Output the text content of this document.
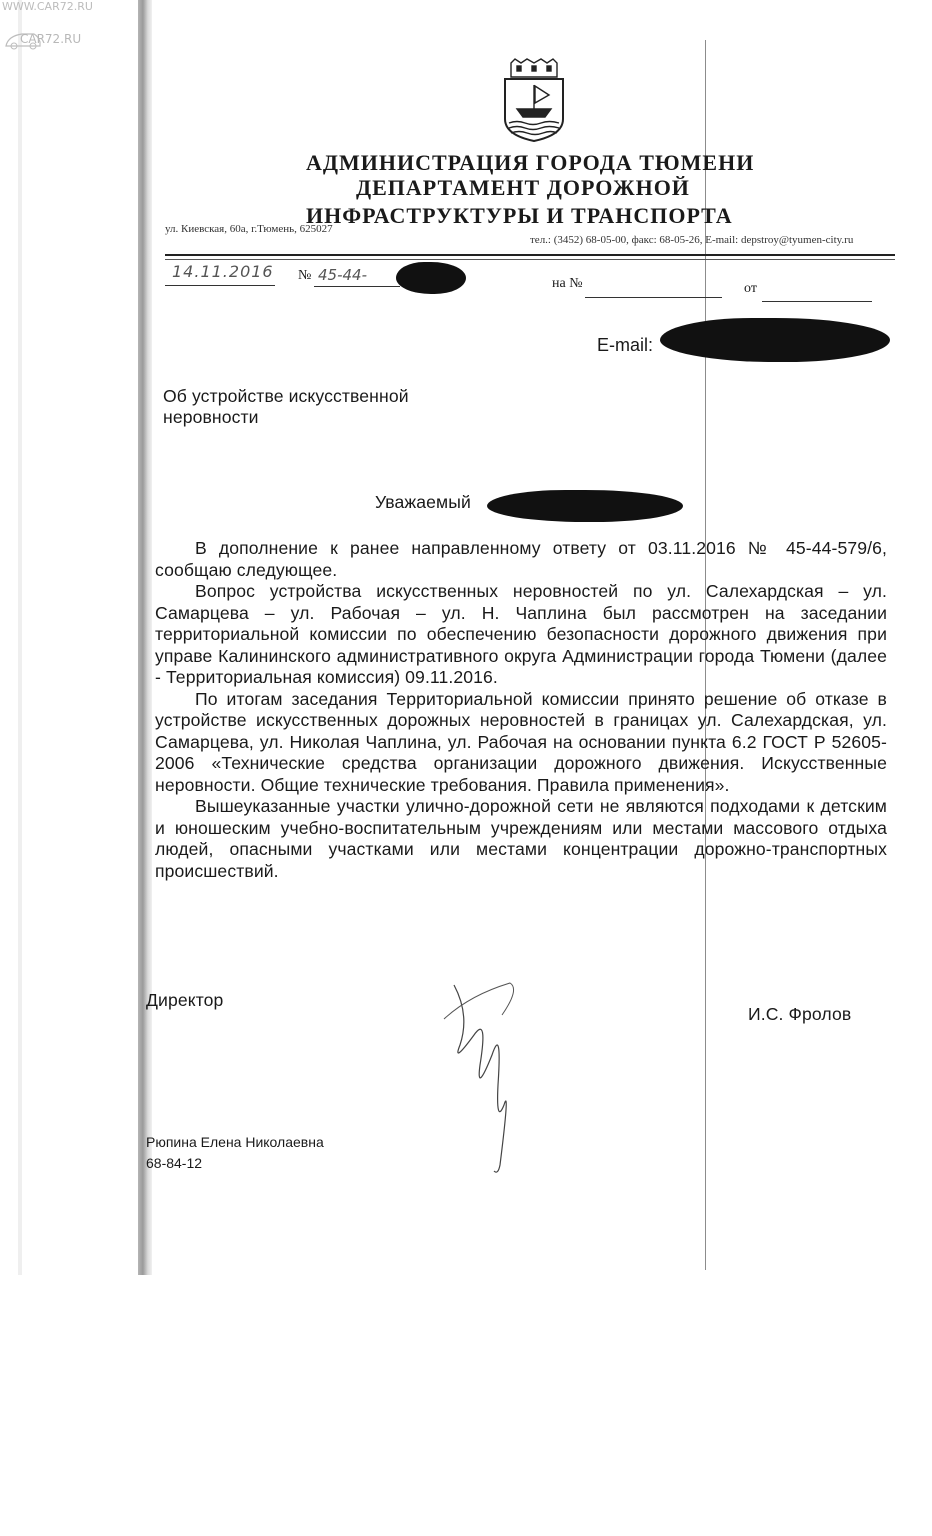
WWW.CAR72.RU
CAR72.RU
АДМИНИСТРАЦИЯ ГОРОДА ТЮМЕНИ
ДЕПАРТАМЕНТ ДОРОЖНОЙ
ИНФРАСТРУКТУРЫ И ТРАНСПОРТА
ул. Киевская, 60а, г.Тюмень, 625027
тел.: (3452) 68-05-00, факс: 68-05-26, E-mail: depstroy@tyumen-city.ru
14.11.2016 № 45-44-	на №	от
E-mail:
Об устройстве искусственной
неровности
Уважаемый
В дополнение к ранее направленному ответу от 03.11.2016 № 45-44-579/6, сообщаю следующее.
Вопрос устройства искусственных неровностей по ул. Салехардская – ул. Самарцева – ул. Рабочая – ул. Н. Чаплина был рассмотрен на заседании территориальной комиссии по обеспечению безопасности дорожного движения при управе Калининского административного округа Администрации города Тюмени (далее - Территориальная комиссия) 09.11.2016.
По итогам заседания Территориальной комиссии принято решение об отказе в устройстве искусственных дорожных неровностей в границах ул. Салехардская, ул. Самарцева, ул. Николая Чаплина, ул. Рабочая на основании пункта 6.2 ГОСТ Р 52605-2006 «Технические средства организации дорожного движения. Искусственные неровности. Общие технические требования. Правила применения».
Вышеуказанные участки улично-дорожной сети не являются подходами к детским и юношеским учебно-воспитательным учреждениям или местами массового отдыха людей, опасными участками или местами концентрации дорожно-транспортных происшествий.
Директор
И.С. Фролов
Рюпина Елена Николаевна
68-84-12
